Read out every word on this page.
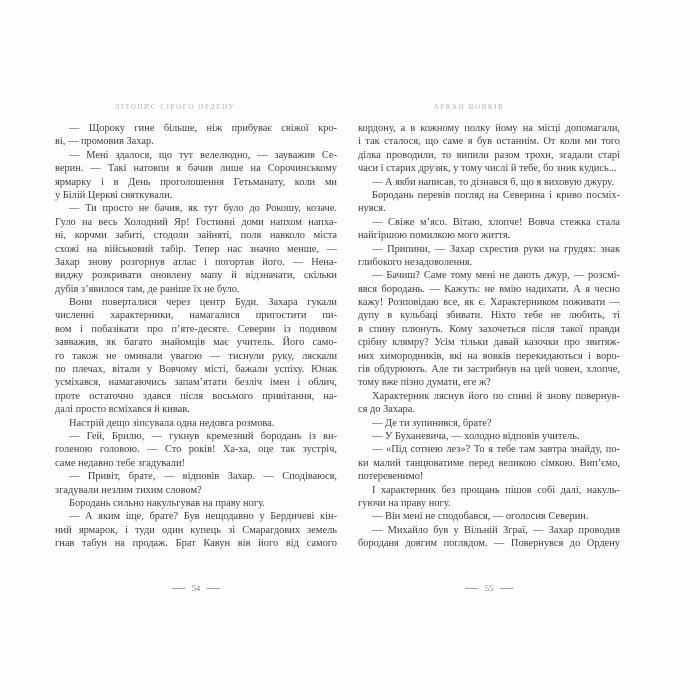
ЛІТОПИС СІРОГО ОРДЕНУ	АРКАН ВОВКІВ
— Щороку гине більше, ніж прибуває свіжої кро-
ві, — промовив Захар.
— Мені здалося, що тут велелюдно, — зауважив Се-
верин. — Такі натовпи я бачив лише на Сорочинському
ярмарку і в День проголошення Гетьманату, коли ми
у Білій Церкві святкували.
— Ти просто не бачив, як тут було до Рокошу, козаче.
Гуло на весь Холодний Яр! Гостинні доми напхом напха-
ні, корчми забиті, стодоли зайняті, поля навколо міста
схожі на військовий табір. Тепер нас значно менше, —
Захар знову розгорнув атлас і погортав його. — Нена-
виджу розкривати оновлену мапу й відзначати, скільки
дубів з’явилося там, де раніше їх не було.
Вони поверталися через центр Буди. Захара гукали
численні характерники, намагалися пригостити пи-
вом і побазікати про п’яте-десяте. Северин із подивом
завважив, як багато знайомців має учитель. Його само-
го також не оминали увагою — тиснули руку, ляскали
по плечах, вітали у Вовчому місті, бажали успіху. Юнак
усміхався, намагаючись запам’ятати безліч імен і облич,
проте остаточно здався після восьмого привітання, на-
далі просто всміхався й кивав.
Настрій дещо зіпсувала одна недовга розмова.
— Гей, Брилю, — гукнув кремезний бородань із ви-
голеною головою. — Сто років! Ха-ха, оце так зустріч,
саме недавно тебе згадували!
— Привіт, брате, — відповів Захар. — Сподіваюся,
згадували незлим тихим словом?
Бородань сильно накульгував на праву ногу.
— А яким іще, брате? Був нещодавно у Бердичеві кін-
ний ярмарок, і туди один купець зі Смарагдових земель
гнав табун на продаж. Брат Кавун вів його від самого
кордону, а в кожному полку йому на місці допомагали,
і так сталося, що саме я був останнім. От коли ми того
ділка проводили, то випили разом трохи, згадали старі
часи і старих друзяк, у тому числі й тебе, бо зник кудись...
— А якби написав, то дізнався б, що я виховую джуру.
Бородань перевів погляд на Северина і криво посміх-
нувся.
— Свіже м’ясо. Вітаю, хлопче! Вовча стежка стала
найгіршою помилкою мого життя.
— Припини, — Захар схрестив руки на грудях: знак
глибокого незадоволення.
— Бачиш? Саме тому мені не дають джур, — розсмі-
явся бородань. — Кажуть: не вмію надихати. А я чесно
кажу! Розповідаю все, як є. Характерником поживати —
дупу в кульбаці збивати. Ніхто тебе не любить, ті
в спину плюнуть. Кому захочеться після такої правди
срібну клямру? Усім тільки давай казочки про звитяж-
них химородників, які на вовків перекидаються і воро-
гів обдурюють. Але ти застрибнув на цей човен, хлопче,
тому вже пізно думати, еге ж?
Характерник ляснув його по спині й знову повернув-
ся до Захара.
— Де ти зупинився, брате?
— У Буханевича, — холодно відповів учитель.
— «Під сотнею лез»? То я тебе там завтра знайду, по-
ки малий танцюватиме перед великою сімкою. Вип’ємо,
потеревенимо!
І характерник без прощань пішов собі далі, накуль-
гуючи на праву ногу.
— Він мені не сподобався, — оголосив Северин.
— Михайло був у Вільній Зграї, — Захар проводив
бороданя довгим поглядом. — Повернувся до Ордену
54	55
